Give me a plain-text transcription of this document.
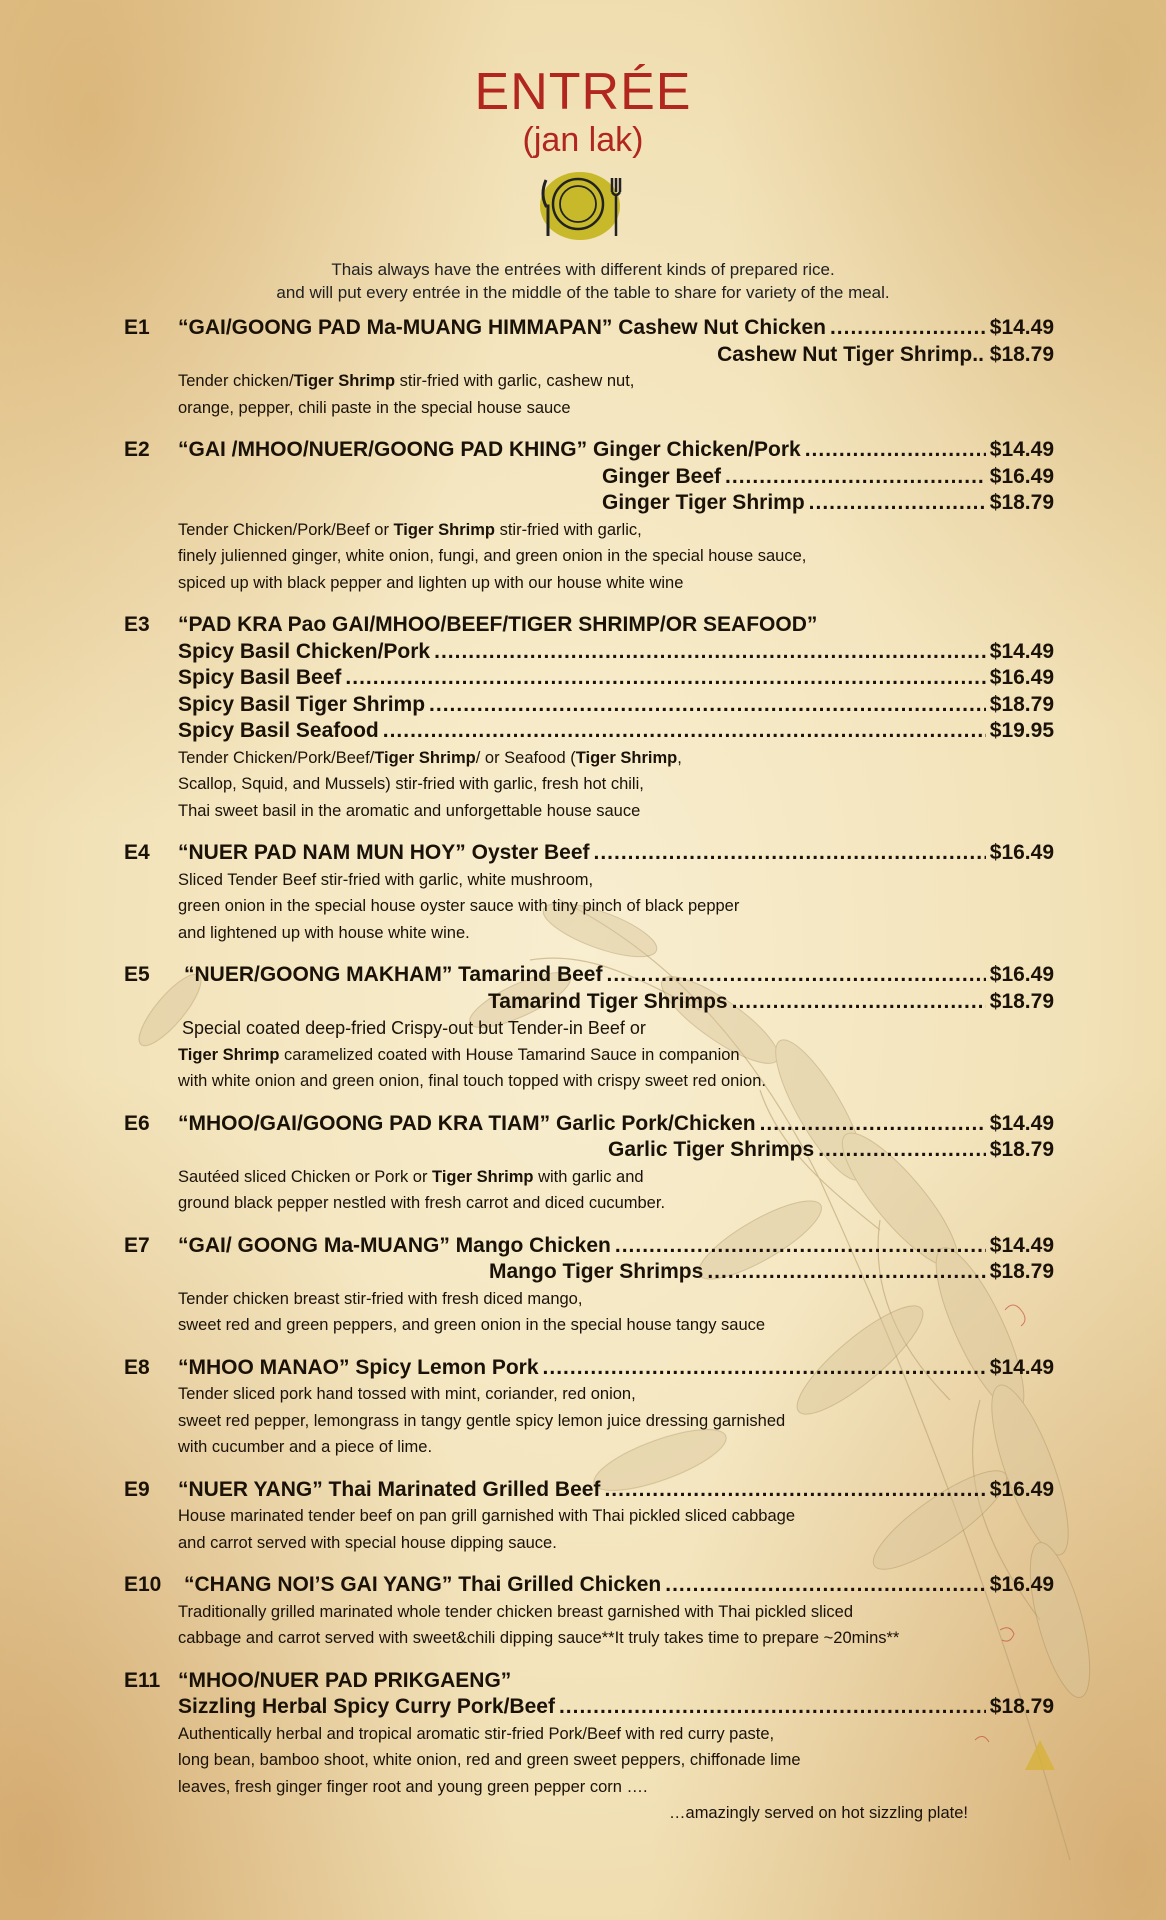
ENTRÉE
(jan lak)
Thais always have the entrées with different kinds of prepared rice.
and will put every entrée in the middle of the table to share for variety of the meal.
E1	“GAI/GOONG PAD Ma-MUANG HIMMAPAN” Cashew Nut Chicken .....	$14.49
Cashew Nut Tiger Shrimp .. $18.79
Tender chicken/Tiger Shrimp stir-fried with garlic, cashew nut,
orange, pepper, chili paste in the special house sauce
E2	“GAI /MHOO/NUER/GOONG PAD KHING” Ginger Chicken/Pork .....	$14.49
Ginger Beef .....	$16.49
Ginger Tiger Shrimp .....	$18.79
Tender Chicken/Pork/Beef or Tiger Shrimp stir-fried with garlic,
finely julienned ginger, white onion, fungi, and green onion in the special house sauce,
spiced up with black pepper and lighten up with our house white wine
E3	“PAD KRA Pao GAI/MHOO/BEEF/TIGER SHRIMP/OR SEAFOOD”
Spicy Basil Chicken/Pork .....	$14.49
Spicy Basil Beef .....	$16.49
Spicy Basil Tiger Shrimp .....	$18.79
Spicy Basil Seafood .....	$19.95
Tender Chicken/Pork/Beef/Tiger Shrimp/ or Seafood (Tiger Shrimp,
Scallop, Squid, and Mussels) stir-fried with garlic, fresh hot chili,
Thai sweet basil in the aromatic and unforgettable house sauce
E4	“NUER PAD NAM MUN HOY” Oyster Beef .....	$16.49
Sliced Tender Beef stir-fried with garlic, white mushroom,
green onion in the special house oyster sauce with tiny pinch of black pepper
and lightened up with house white wine.
E5	“NUER/GOONG MAKHAM” Tamarind Beef .....	$16.49
Tamarind Tiger Shrimps .....	$18.79
Special coated deep-fried Crispy-out but Tender-in Beef or
Tiger Shrimp caramelized coated with House Tamarind Sauce in companion
with white onion and green onion, final touch topped with crispy sweet red onion.
E6	“MHOO/GAI/GOONG PAD KRA TIAM” Garlic Pork/Chicken .....	$14.49
Garlic Tiger Shrimps .....	$18.79
Sautéed sliced Chicken or Pork or Tiger Shrimp with garlic and
ground black pepper nestled with fresh carrot and diced cucumber.
E7	“GAI/ GOONG Ma-MUANG” Mango Chicken .....	$14.49
Mango Tiger Shrimps .....	$18.79
Tender chicken breast stir-fried with fresh diced mango,
sweet red and green peppers, and green onion in the special house tangy sauce
E8	“MHOO MANAO” Spicy Lemon Pork .....	$14.49
Tender sliced pork hand tossed with mint, coriander, red onion,
sweet red pepper, lemongrass in tangy gentle spicy lemon juice dressing garnished
with cucumber and a piece of lime.
E9	“NUER YANG” Thai Marinated Grilled Beef .....	$16.49
House marinated tender beef on pan grill garnished with Thai pickled sliced cabbage
and carrot served with special house dipping sauce.
E10	“CHANG NOI’S GAI YANG” Thai Grilled Chicken .....	$16.49
Traditionally grilled marinated whole tender chicken breast garnished with Thai pickled sliced
cabbage and carrot served with sweet&chili dipping sauce**It truly takes time to prepare ~20mins**
E11 “MHOO/NUER PAD PRIKGAENG”
Sizzling Herbal Spicy Curry Pork/Beef .....	$18.79
Authentically herbal and tropical aromatic stir-fried Pork/Beef with red curry paste,
long bean, bamboo shoot, white onion, red and green sweet peppers, chiffonade lime
leaves, fresh ginger finger root and young green pepper corn ….
…amazingly served on hot sizzling plate!
